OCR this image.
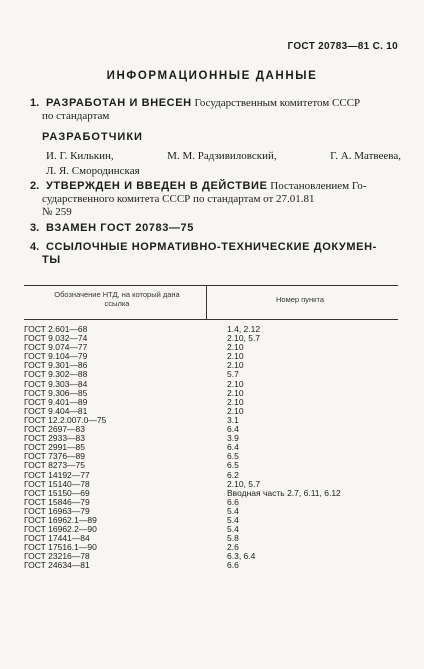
ГОСТ 20783—81 С. 10
ИНФОРМАЦИОННЫЕ ДАННЫЕ
1. РАЗРАБОТАН И ВНЕСЕН Государственным комитетом СССР
по стандартам
РАЗРАБОТЧИКИ
И. Г. Килькин,	М. М. Радзивиловский,	Г. А. Матвеева,
Л. Я. Смородинская
2. УТВЕРЖДЕН И ВВЕДЕН В ДЕЙСТВИЕ Постановлением Го-
сударственного комитета СССР по стандартам от 27.01.81
№ 259
3. ВЗАМЕН ГОСТ 20783—75
4. ССЫЛОЧНЫЕ НОРМАТИВНО-ТЕХНИЧЕСКИЕ ДОКУМЕН-
ТЫ
Обозначение НТД, на который дана ссылка	Номер пункта
ГОСТ 2.601—68	1.4, 2.12
ГОСТ 9.032—74	2.10, 5.7
ГОСТ 9.074—77	2.10
ГОСТ 9.104—79	2.10
ГОСТ 9.301—86	2.10
ГОСТ 9.302—88	5.7
ГОСТ 9.303—84	2.10
ГОСТ 9.306—85	2.10
ГОСТ 9.401—89	2.10
ГОСТ 9.404—81	2.10
ГОСТ 12.2.007.0—75	3.1
ГОСТ 2697—83	6.4
ГОСТ 2933—83	3.9
ГОСТ 2991—85	6.4
ГОСТ 7376—89	6.5
ГОСТ 8273—75	6.5
ГОСТ 14192—77	6.2
ГОСТ 15140—78	2.10, 5.7
ГОСТ 15150—69	Вводная часть 2.7, 6.11, 6.12
ГОСТ 15846—79	6.6
ГОСТ 16963—79	5.4
ГОСТ 16962.1—89	5.4
ГОСТ 16962.2—90	5.4
ГОСТ 17441—84	5.8
ГОСТ 17516.1—90	2.6
ГОСТ 23216—78	6.3, 6.4
ГОСТ 24634—81	6.6
